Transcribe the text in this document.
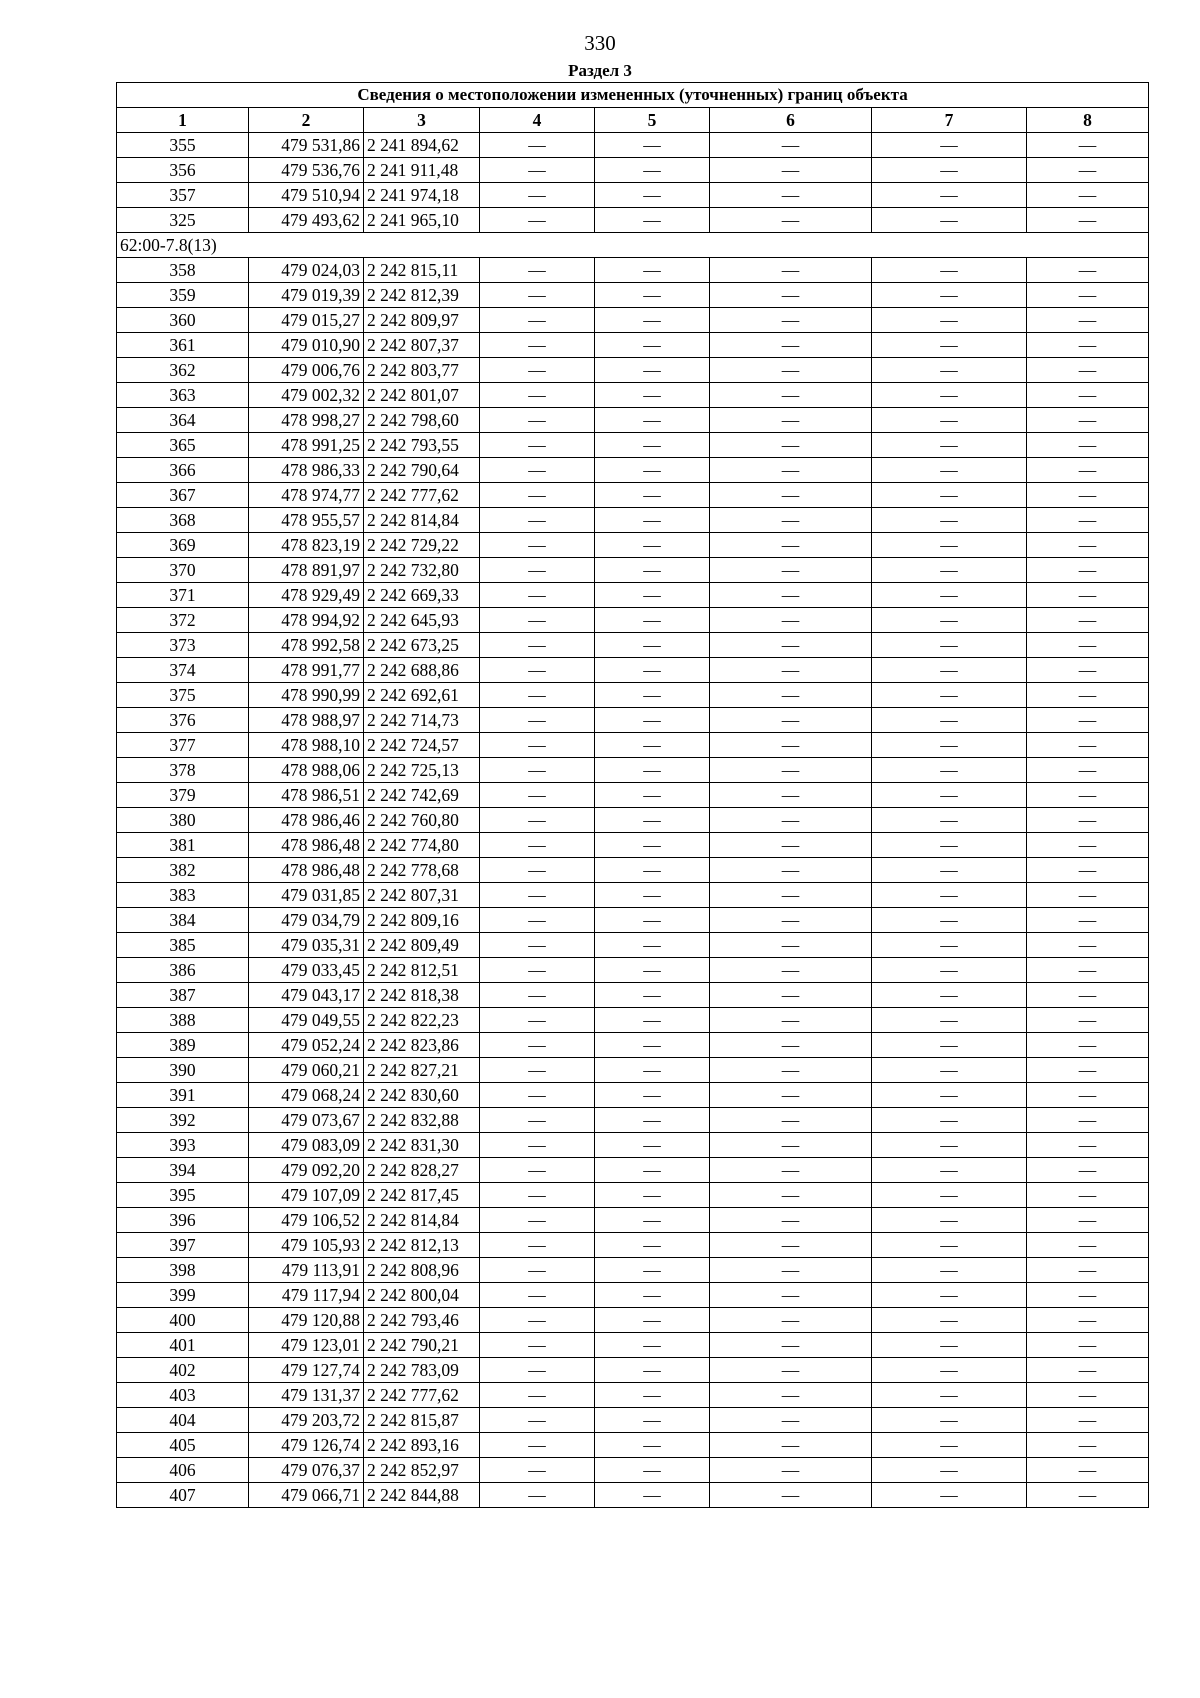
330
Раздел 3
Сведения о местоположении измененных (уточненных) границ объекта							
1	2	3	4	5	6	7	8
355	479 531,86	2 241 894,62	—	—	—	—	—
356	479 536,76	2 241 911,48	—	—	—	—	—
357	479 510,94	2 241 974,18	—	—	—	—	—
325	479 493,62	2 241 965,10	—	—	—	—	—
62:00-7.8(13)							
358	479 024,03	2 242 815,11	—	—	—	—	—
359	479 019,39	2 242 812,39	—	—	—	—	—
360	479 015,27	2 242 809,97	—	—	—	—	—
361	479 010,90	2 242 807,37	—	—	—	—	—
362	479 006,76	2 242 803,77	—	—	—	—	—
363	479 002,32	2 242 801,07	—	—	—	—	—
364	478 998,27	2 242 798,60	—	—	—	—	—
365	478 991,25	2 242 793,55	—	—	—	—	—
366	478 986,33	2 242 790,64	—	—	—	—	—
367	478 974,77	2 242 777,62	—	—	—	—	—
368	478 955,57	2 242 814,84	—	—	—	—	—
369	478 823,19	2 242 729,22	—	—	—	—	—
370	478 891,97	2 242 732,80	—	—	—	—	—
371	478 929,49	2 242 669,33	—	—	—	—	—
372	478 994,92	2 242 645,93	—	—	—	—	—
373	478 992,58	2 242 673,25	—	—	—	—	—
374	478 991,77	2 242 688,86	—	—	—	—	—
375	478 990,99	2 242 692,61	—	—	—	—	—
376	478 988,97	2 242 714,73	—	—	—	—	—
377	478 988,10	2 242 724,57	—	—	—	—	—
378	478 988,06	2 242 725,13	—	—	—	—	—
379	478 986,51	2 242 742,69	—	—	—	—	—
380	478 986,46	2 242 760,80	—	—	—	—	—
381	478 986,48	2 242 774,80	—	—	—	—	—
382	478 986,48	2 242 778,68	—	—	—	—	—
383	479 031,85	2 242 807,31	—	—	—	—	—
384	479 034,79	2 242 809,16	—	—	—	—	—
385	479 035,31	2 242 809,49	—	—	—	—	—
386	479 033,45	2 242 812,51	—	—	—	—	—
387	479 043,17	2 242 818,38	—	—	—	—	—
388	479 049,55	2 242 822,23	—	—	—	—	—
389	479 052,24	2 242 823,86	—	—	—	—	—
390	479 060,21	2 242 827,21	—	—	—	—	—
391	479 068,24	2 242 830,60	—	—	—	—	—
392	479 073,67	2 242 832,88	—	—	—	—	—
393	479 083,09	2 242 831,30	—	—	—	—	—
394	479 092,20	2 242 828,27	—	—	—	—	—
395	479 107,09	2 242 817,45	—	—	—	—	—
396	479 106,52	2 242 814,84	—	—	—	—	—
397	479 105,93	2 242 812,13	—	—	—	—	—
398	479 113,91	2 242 808,96	—	—	—	—	—
399	479 117,94	2 242 800,04	—	—	—	—	—
400	479 120,88	2 242 793,46	—	—	—	—	—
401	479 123,01	2 242 790,21	—	—	—	—	—
402	479 127,74	2 242 783,09	—	—	—	—	—
403	479 131,37	2 242 777,62	—	—	—	—	—
404	479 203,72	2 242 815,87	—	—	—	—	—
405	479 126,74	2 242 893,16	—	—	—	—	—
406	479 076,37	2 242 852,97	—	—	—	—	—
407	479 066,71	2 242 844,88	—	—	—	—	—
